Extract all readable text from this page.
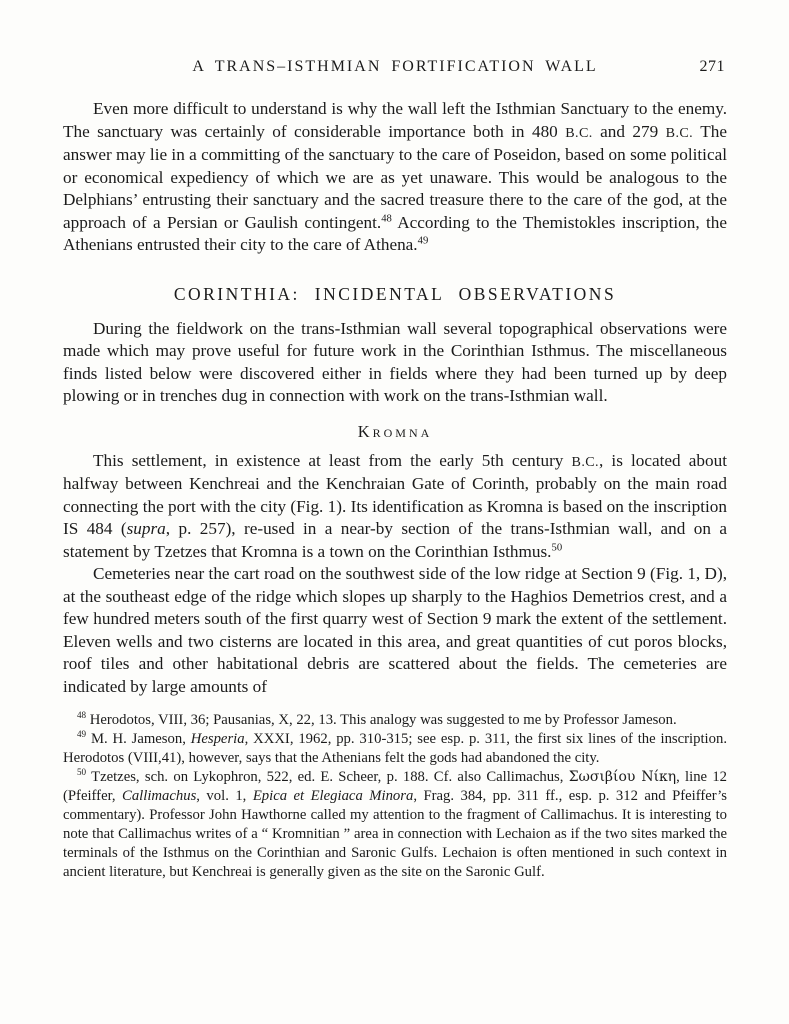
A TRANS–ISTHMIAN FORTIFICATION WALL	271

Even more difficult to understand is why the wall left the Isthmian Sanctuary to the enemy. The sanctuary was certainly of considerable importance both in 480 B.C. and 279 B.C. The answer may lie in a committing of the sanctuary to the care of Poseidon, based on some political or economical expediency of which we are as yet unaware. This would be analogous to the Delphians’ entrusting their sanctuary and the sacred treasure there to the care of the god, at the approach of a Persian or Gaulish contingent.$^{48}$ According to the Themistokles inscription, the Athenians entrusted their city to the care of Athena.$^{49}$

CORINTHIA: INCIDENTAL OBSERVATIONS

During the fieldwork on the trans-Isthmian wall several topographical observations were made which may prove useful for future work in the Corinthian Isthmus. The miscellaneous finds listed below were discovered either in fields where they had been turned up by deep plowing or in trenches dug in connection with work on the trans-Isthmian wall.

Kromna

This settlement, in existence at least from the early 5th century B.C., is located about halfway between Kenchreai and the Kenchraian Gate of Corinth, probably on the main road connecting the port with the city (Fig. 1). Its identification as Kromna is based on the inscription IS 484 (supra, p. 257), re-used in a near-by section of the trans-Isthmian wall, and on a statement by Tzetzes that Kromna is a town on the Corinthian Isthmus.$^{50}$

Cemeteries near the cart road on the southwest side of the low ridge at Section 9 (Fig. 1, D), at the southeast edge of the ridge which slopes up sharply to the Haghios Demetrios crest, and a few hundred meters south of the first quarry west of Section 9 mark the extent of the settlement. Eleven wells and two cisterns are located in this area, and great quantities of cut poros blocks, roof tiles and other habitational debris are scattered about the fields. The cemeteries are indicated by large amounts of

$^{48}$ Herodotos, VIII, 36; Pausanias, X, 22, 13. This analogy was suggested to me by Professor Jameson.

$^{49}$ M. H. Jameson, Hesperia, XXXI, 1962, pp. 310-315; see esp. p. 311, the first six lines of the inscription. Herodotos (VIII,41), however, says that the Athenians felt the gods had abandoned the city.

$^{50}$ Tzetzes, sch. on Lykophron, 522, ed. E. Scheer, p. 188. Cf. also Callimachus, Σωσιβίου Νίκη, line 12 (Pfeiffer, Callimachus, vol. 1, Epica et Elegiaca Minora, Frag. 384, pp. 311 ff., esp. p. 312 and Pfeiffer’s commentary). Professor John Hawthorne called my attention to the fragment of Callimachus. It is interesting to note that Callimachus writes of a “ Kromnitian ” area in connection with Lechaion as if the two sites marked the terminals of the Isthmus on the Corinthian and Saronic Gulfs. Lechaion is often mentioned in such context in ancient literature, but Kenchreai is generally given as the site on the Saronic Gulf.
